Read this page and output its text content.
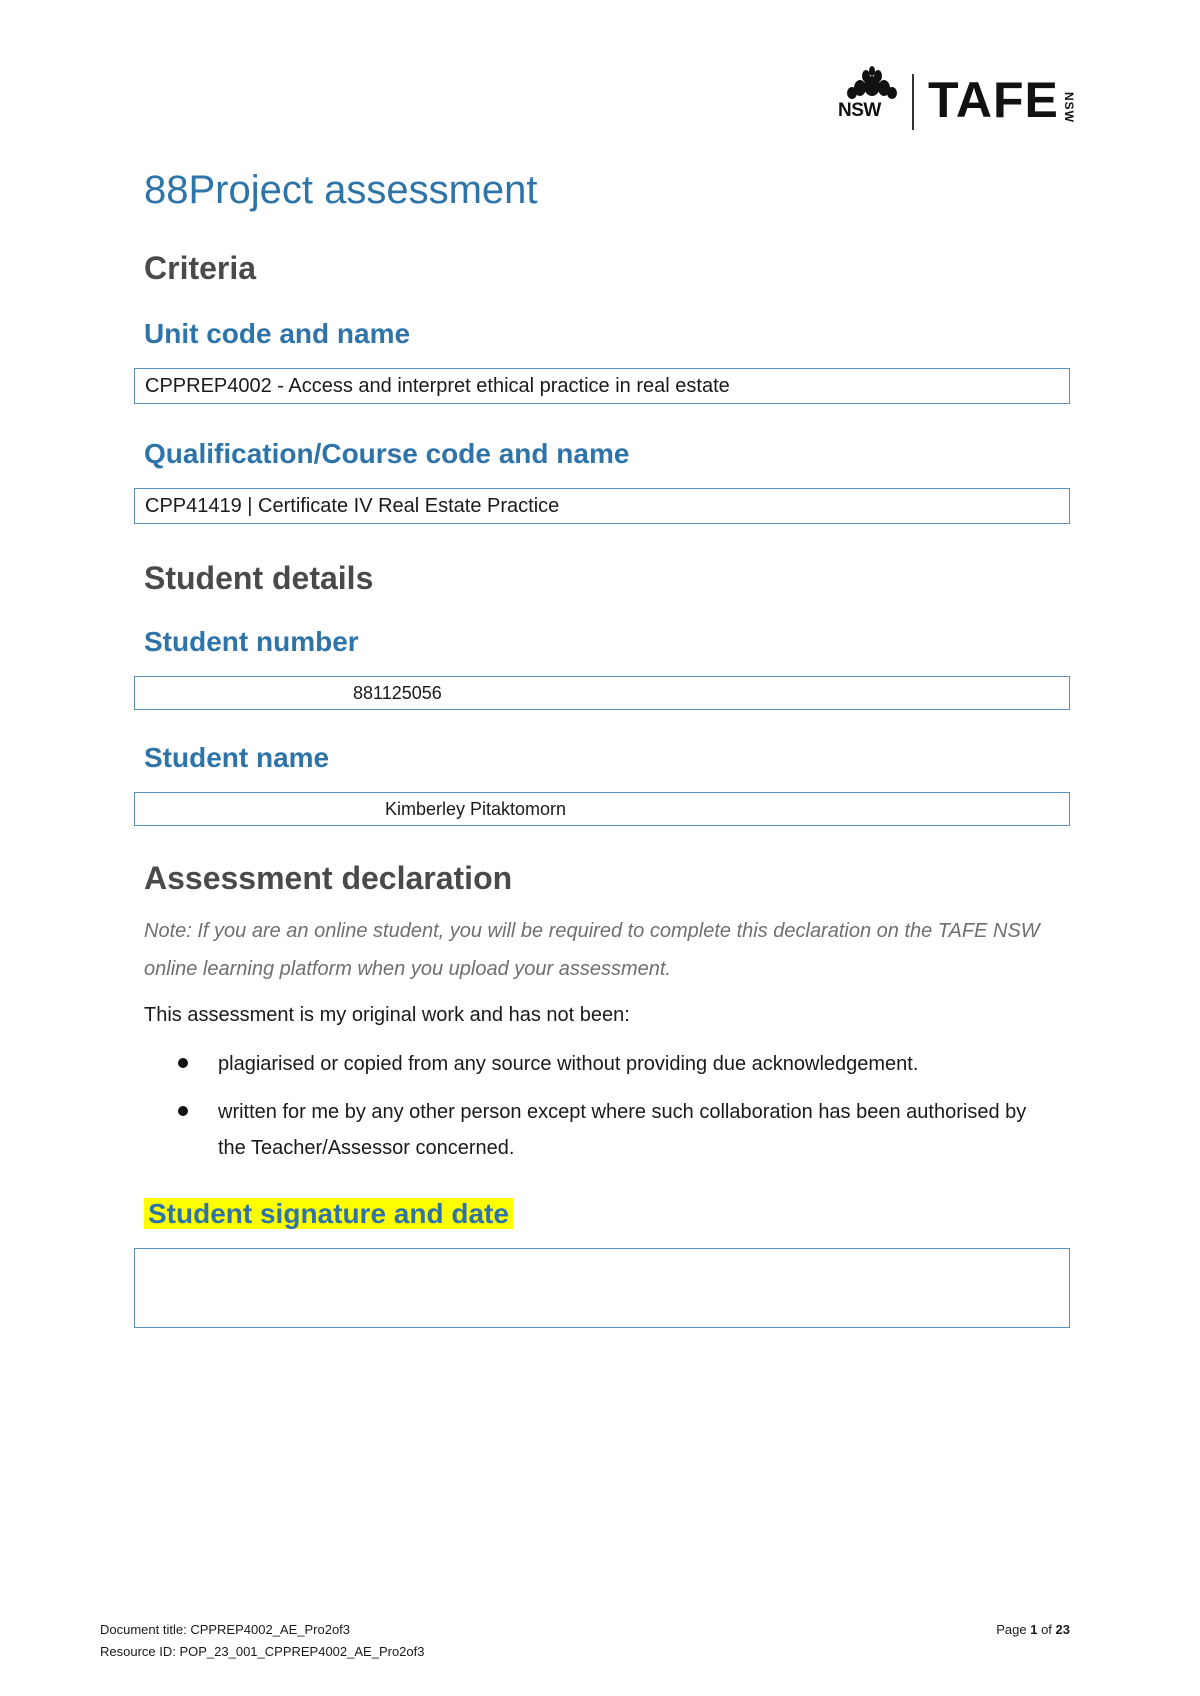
NSW TAFE NSW
88Project assessment
Criteria
Unit code and name
CPPREP4002 - Access and interpret ethical practice in real estate
Qualification/Course code and name
CPP41419 | Certificate IV Real Estate Practice
Student details
Student number
881125056
Student name
Kimberley Pitaktomorn
Assessment declaration

Note: If you are an online student, you will be required to complete this declaration on the TAFE NSW online learning platform when you upload your assessment.

This assessment is my original work and has not been:

plagiarised or copied from any source without providing due acknowledgement.
written for me by any other person except where such collaboration has been authorised by the Teacher/Assessor concerned.
Student signature and date
Document title: CPPREP4002_AE_Pro2of3
Resource ID: POP_23_001_CPPREP4002_AE_Pro2of3
Page 1 of 23
